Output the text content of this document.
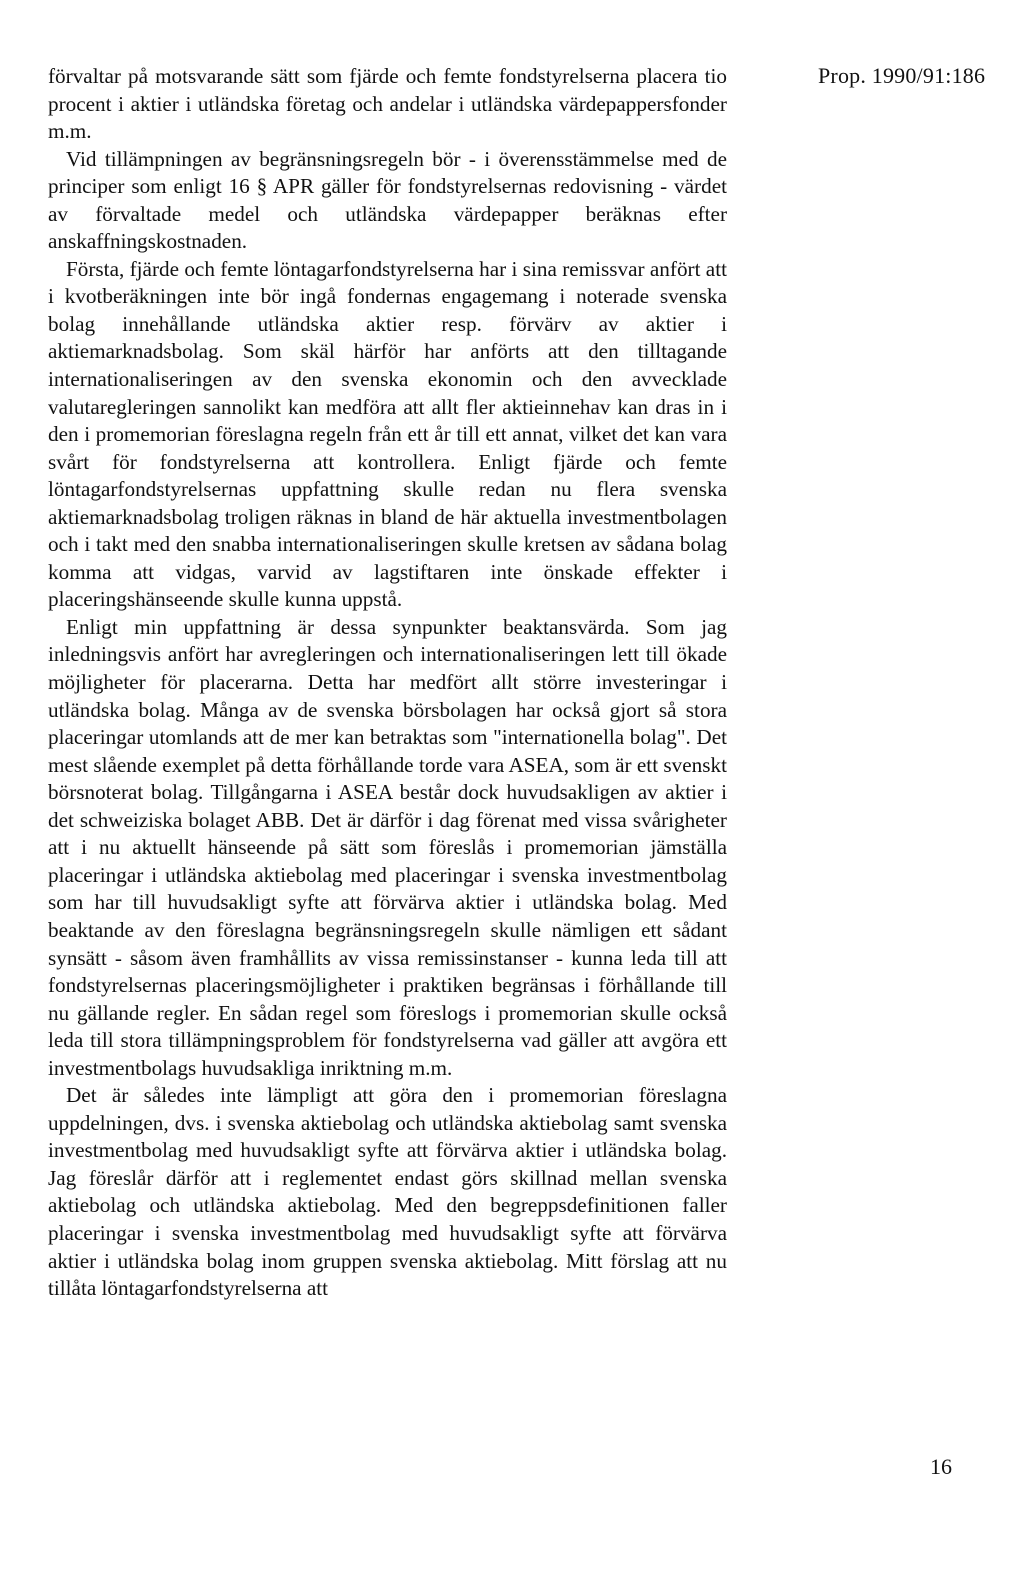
Prop. 1990/91:186

förvaltar på motsvarande sätt som fjärde och femte fondstyrelserna placera tio procent i aktier i utländska företag och andelar i utländska värdepappersfonder m.m.

Vid tillämpningen av begränsningsregeln bör - i överensstämmelse med de principer som enligt 16 § APR gäller för fondstyrelsernas redovisning - värdet av förvaltade medel och utländska värdepapper beräknas efter anskaffningskostnaden.

Första, fjärde och femte löntagarfondstyrelserna har i sina remissvar anfört att i kvotberäkningen inte bör ingå fondernas engagemang i noterade svenska bolag innehållande utländska aktier resp. förvärv av aktier i aktiemarknadsbolag. Som skäl härför har anförts att den tilltagande internationaliseringen av den svenska ekonomin och den avvecklade valutaregleringen sannolikt kan medföra att allt fler aktieinnehav kan dras in i den i promemorian föreslagna regeln från ett år till ett annat, vilket det kan vara svårt för fondstyrelserna att kontrollera. Enligt fjärde och femte löntagarfondstyrelsernas uppfattning skulle redan nu flera svenska aktiemarknadsbolag troligen räknas in bland de här aktuella investmentbolagen och i takt med den snabba internationaliseringen skulle kretsen av sådana bolag komma att vidgas, varvid av lagstiftaren inte önskade effekter i placeringshänseende skulle kunna uppstå.

Enligt min uppfattning är dessa synpunkter beaktansvärda. Som jag inledningsvis anfört har avregleringen och internationaliseringen lett till ökade möjligheter för placerarna. Detta har medfört allt större investeringar i utländska bolag. Många av de svenska börsbolagen har också gjort så stora placeringar utomlands att de mer kan betraktas som "internationella bolag". Det mest slående exemplet på detta förhållande torde vara ASEA, som är ett svenskt börsnoterat bolag. Tillgångarna i ASEA består dock huvudsakligen av aktier i det schweiziska bolaget ABB. Det är därför i dag förenat med vissa svårigheter att i nu aktuellt hänseende på sätt som föreslås i promemorian jämställa placeringar i utländska aktiebolag med placeringar i svenska investmentbolag som har till huvudsakligt syfte att förvärva aktier i utländska bolag. Med beaktande av den föreslagna begränsningsregeln skulle nämligen ett sådant synsätt - såsom även framhållits av vissa remissinstanser - kunna leda till att fondstyrelsernas placeringsmöjligheter i praktiken begränsas i förhållande till nu gällande regler. En sådan regel som föreslogs i promemorian skulle också leda till stora tillämpningsproblem för fondstyrelserna vad gäller att avgöra ett investmentbolags huvudsakliga inriktning m.m.

Det är således inte lämpligt att göra den i promemorian föreslagna uppdelningen, dvs. i svenska aktiebolag och utländska aktiebolag samt svenska investmentbolag med huvudsakligt syfte att förvärva aktier i utländska bolag. Jag föreslår därför att i reglementet endast görs skillnad mellan svenska aktiebolag och utländska aktiebolag. Med den begreppsdefinitionen faller placeringar i svenska investmentbolag med huvudsakligt syfte att förvärva aktier i utländska bolag inom gruppen svenska aktiebolag. Mitt förslag att nu tillåta löntagarfondstyrelserna att

16
